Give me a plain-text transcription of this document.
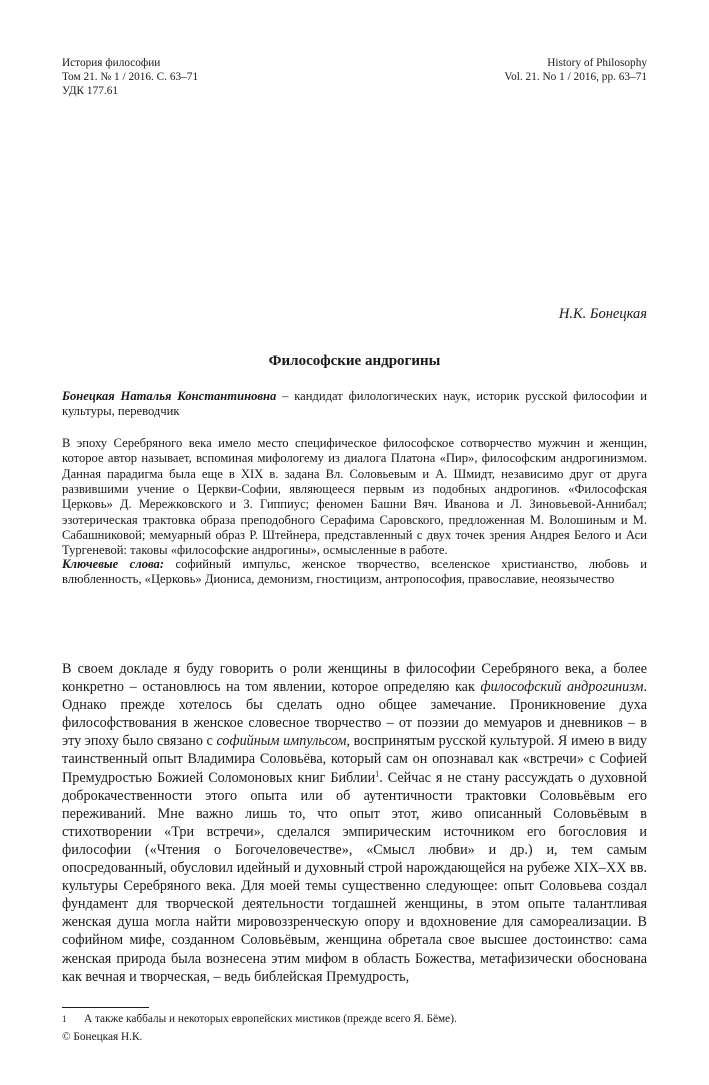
История философии
Том 21. № 1 / 2016. С. 63–71
УДК 177.61
History of Philosophy
Vol. 21. No 1 / 2016, pp. 63–71
Н.К. Бонецкая
Философские андрогины
Бонецкая Наталья Константиновна – кандидат филологических наук, историк русской философии и культуры, переводчик
В эпоху Серебряного века имело место специфическое философское сотворчество мужчин и женщин, которое автор называет, вспоминая мифологему из диалога Платона «Пир», философским андрогинизмом. Данная парадигма была еще в XIX в. задана Вл. Соловьевым и А. Шмидт, независимо друг от друга развившими учение о Церкви-Софии, являющееся первым из подобных андрогинов. «Философская Церковь» Д. Мережковского и З. Гиппиус; феномен Башни Вяч. Иванова и Л. Зиновьевой-Аннибал; эзотерическая трактовка образа преподобного Серафима Саровского, предложенная М. Волошиным и М. Сабашниковой; мемуарный образ Р. Штейнера, представленный с двух точек зрения Андрея Белого и Аси Тургеневой: таковы «философские андрогины», осмысленные в работе.
Ключевые слова: софийный импульс, женское творчество, вселенское христианство, любовь и влюбленность, «Церковь» Диониса, демонизм, гностицизм, антропософия, православие, неоязычество
В своем докладе я буду говорить о роли женщины в философии Серебряного века, а более конкретно – остановлюсь на том явлении, которое определяю как философский андрогинизм. Однако прежде хотелось бы сделать одно общее замечание. Проникновение духа философствования в женское словесное творчество – от поэзии до мемуаров и дневников – в эту эпоху было связано с софийным импульсом, воспринятым русской культурой. Я имею в виду таинственный опыт Владимира Соловьёва, который сам он опознавал как «встречи» с Софией Премудростью Божией Соломоновых книг Библии$^1$. Сейчас я не стану рассуждать о духовной доброкачественности этого опыта или об аутентичности трактовки Соловьёвым его переживаний. Мне важно лишь то, что опыт этот, живо описанный Соловьёвым в стихотворении «Три встречи», сделался эмпирическим источником его богословия и философии («Чтения о Богочеловечестве», «Смысл любви» и др.) и, тем самым опосредованный, обусловил идейный и духовный строй нарождающейся на рубеже XIX–XX вв. культуры Серебряного века. Для моей темы существенно следующее: опыт Соловьева создал фундамент для творческой деятельности тогдашней женщины, в этом опыте талантливая женская душа могла найти мировоззренческую опору и вдохновение для самореализации. В софийном мифе, созданном Соловьёвым, женщина обретала свое высшее достоинство: сама женская природа была вознесена этим мифом в область Божества, метафизически обоснована как вечная и творческая, – ведь библейская Премудрость,
1 А также каббалы и некоторых европейских мистиков (прежде всего Я. Бёме).
© Бонецкая Н.К.
